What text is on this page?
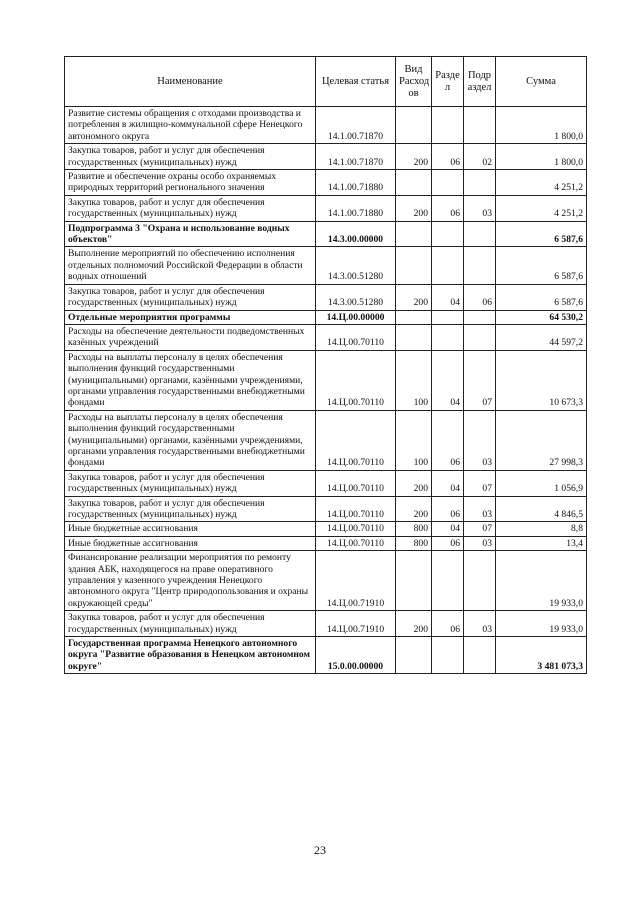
Наименование	Целевая статья	Вид Расход ов	Разде л	Подр аздел	Сумма
Развитие системы обращения с отходами производства и потребления в жилищно-коммунальной сфере Ненецкого автономного округа	14.1.00.71870				1 800,0
Закупка товаров, работ и услуг для обеспечения государственных (муниципальных) нужд	14.1.00.71870	200	06	02	1 800,0
Развитие и обеспечение охраны особо охраняемых природных территорий регионального значения	14.1.00.71880				4 251,2
Закупка товаров, работ и услуг для обеспечения государственных (муниципальных) нужд	14.1.00.71880	200	06	03	4 251,2
Подпрограмма 3 "Охрана и использование водных объектов"	14.3.00.00000				6 587,6
Выполнение мероприятий по обеспечению исполнения отдельных полномочий Российской Федерации в области водных отношений	14.3.00.51280				6 587,6
Закупка товаров, работ и услуг для обеспечения государственных (муниципальных) нужд	14.3.00.51280	200	04	06	6 587,6
Отдельные мероприятия программы	14.Ц.00.00000				64 530,2
Расходы на обеспечение деятельности подведомственных казённых учреждений	14.Ц.00.70110				44 597,2
Расходы на выплаты персоналу в целях обеспечения выполнения функций государственными (муниципальными) органами, казёнными учреждениями, органами управления государственными внебюджетными фондами	14.Ц.00.70110	100	04	07	10 673,3
Расходы на выплаты персоналу в целях обеспечения выполнения функций государственными (муниципальными) органами, казёнными учреждениями, органами управления государственными внебюджетными фондами	14.Ц.00.70110	100	06	03	27 998,3
Закупка товаров, работ и услуг для обеспечения государственных (муниципальных) нужд	14.Ц.00.70110	200	04	07	1 056,9
Закупка товаров, работ и услуг для обеспечения государственных (муниципальных) нужд	14.Ц.00.70110	200	06	03	4 846,5
Иные бюджетные ассигнования	14.Ц.00.70110	800	04	07	8,8
Иные бюджетные ассигнования	14.Ц.00.70110	800	06	03	13,4
Финансирование реализации мероприятия по ремонту здания АБК, находящегося на праве оперативного управления у казенного учреждения Ненецкого автономного округа "Центр природопользования и охраны окружающей среды"	14.Ц.00.71910				19 933,0
Закупка товаров, работ и услуг для обеспечения государственных (муниципальных) нужд	14.Ц.00.71910	200	06	03	19 933,0
Государственная программа Ненецкого автономного округа "Развитие образования в Ненецком автономном округе"	15.0.00.00000				3 481 073,3
23
